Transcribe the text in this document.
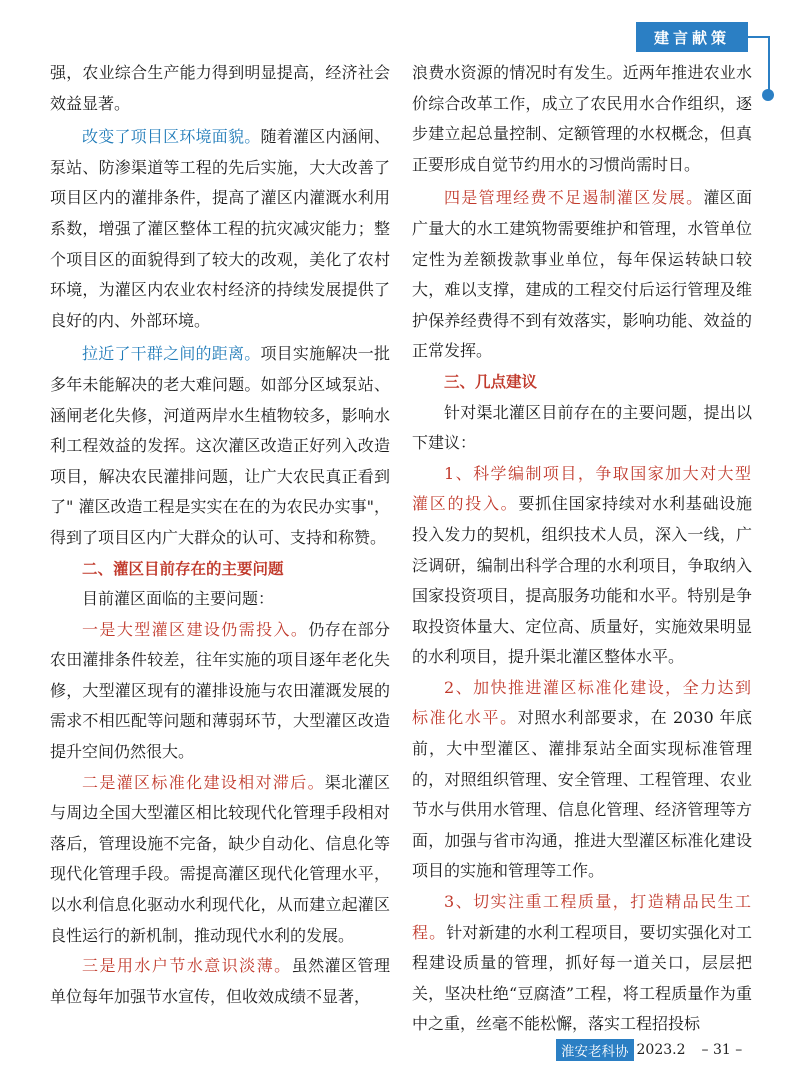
建言献策

强，农业综合生产能力得到明显提高，经济社会效益显著。

改变了项目区环境面貌。随着灌区内涵闸、泵站、防渗渠道等工程的先后实施，大大改善了项目区内的灌排条件，提高了灌区内灌溉水利用系数，增强了灌区整体工程的抗灾减灾能力；整个项目区的面貌得到了较大的改观，美化了农村环境，为灌区内农业农村经济的持续发展提供了良好的内、外部环境。

拉近了干群之间的距离。项目实施解决一批多年未能解决的老大难问题。如部分区域泵站、涵闸老化失修，河道两岸水生植物较多，影响水利工程效益的发挥。这次灌区改造正好列入改造项目，解决农民灌排问题，让广大农民真正看到了" 灌区改造工程是实实在在的为农民办实事"，得到了项目区内广大群众的认可、支持和称赞。

二、灌区目前存在的主要问题

目前灌区面临的主要问题：

一是大型灌区建设仍需投入。仍存在部分农田灌排条件较差，往年实施的项目逐年老化失修，大型灌区现有的灌排设施与农田灌溉发展的需求不相匹配等问题和薄弱环节，大型灌区改造提升空间仍然很大。

二是灌区标准化建设相对滞后。渠北灌区与周边全国大型灌区相比较现代化管理手段相对落后，管理设施不完备，缺少自动化、信息化等现代化管理手段。需提高灌区现代化管理水平，以水利信息化驱动水利现代化，从而建立起灌区良性运行的新机制，推动现代水利的发展。

三是用水户节水意识淡薄。虽然灌区管理单位每年加强节水宣传，但收效成绩不显著，

浪费水资源的情况时有发生。近两年推进农业水价综合改革工作，成立了农民用水合作组织，逐步建立起总量控制、定额管理的水权概念，但真正要形成自觉节约用水的习惯尚需时日。

四是管理经费不足遏制灌区发展。灌区面广量大的水工建筑物需要维护和管理，水管单位定性为差额拨款事业单位，每年保运转缺口较大，难以支撑，建成的工程交付后运行管理及维护保养经费得不到有效落实，影响功能、效益的正常发挥。

三、几点建议

针对渠北灌区目前存在的主要问题，提出以下建议：

1、科学编制项目，争取国家加大对大型灌区的投入。要抓住国家持续对水利基础设施投入发力的契机，组织技术人员，深入一线，广泛调研，编制出科学合理的水利项目，争取纳入国家投资项目，提高服务功能和水平。特别是争取投资体量大、定位高、质量好，实施效果明显的水利项目，提升渠北灌区整体水平。

2、加快推进灌区标准化建设，全力达到标准化水平。对照水利部要求，在 2030 年底前，大中型灌区、灌排泵站全面实现标准管理的，对照组织管理、安全管理、工程管理、农业节水与供用水管理、信息化管理、经济管理等方面，加强与省市沟通，推进大型灌区标准化建设项目的实施和管理等工作。

3、切实注重工程质量，打造精品民生工程。针对新建的水利工程项目，要切实强化对工程建设质量的管理，抓好每一道关口，层层把关，坚决杜绝“豆腐渣”工程，将工程质量作为重中之重，丝毫不能松懈，落实工程招投标

淮安老科协 2023.2 – 31 –
